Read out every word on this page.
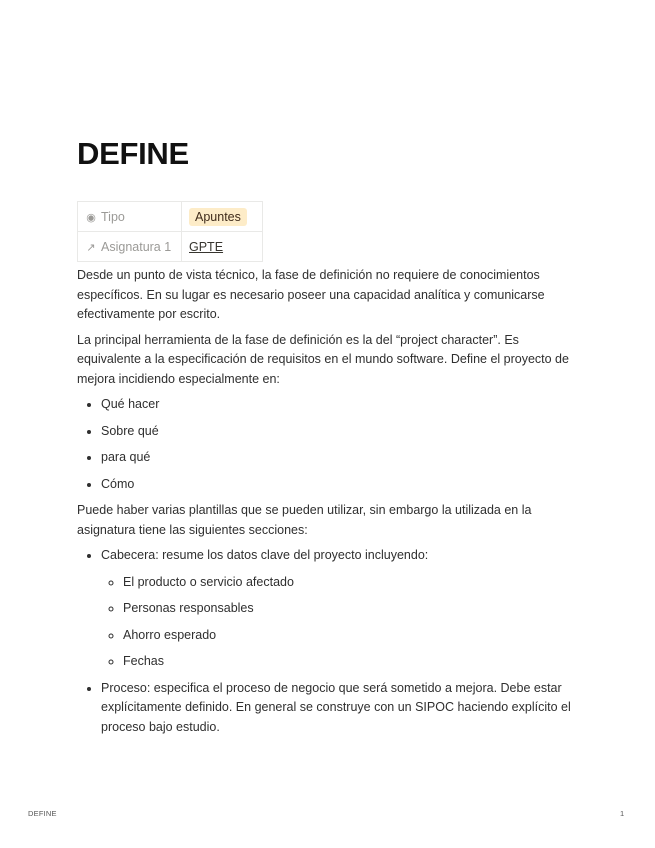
DEFINE
◉ Tipo	Apuntes
↗ Asignatura 1	GPTE

Desde un punto de vista técnico, la fase de definición no requiere de conocimientos específicos. En su lugar es necesario poseer una capacidad analítica y comunicarse efectivamente por escrito.

La principal herramienta de la fase de definición es la del “project character”. Es equivalente a la especificación de requisitos en el mundo software. Define el proyecto de mejora incidiendo especialmente en:

• Qué hacer
• Sobre qué
• para qué
• Cómo

Puede haber varias plantillas que se pueden utilizar, sin embargo la utilizada en la asignatura tiene las siguientes secciones:

• Cabecera: resume los datos clave del proyecto incluyendo:
◦ El producto o servicio afectado
◦ Personas responsables
◦ Ahorro esperado
◦ Fechas
• Proceso: especifica el proceso de negocio que será sometido a mejora. Debe estar explícitamente definido. En general se construye con un SIPOC haciendo explícito el proceso bajo estudio.
DEFINE	1
